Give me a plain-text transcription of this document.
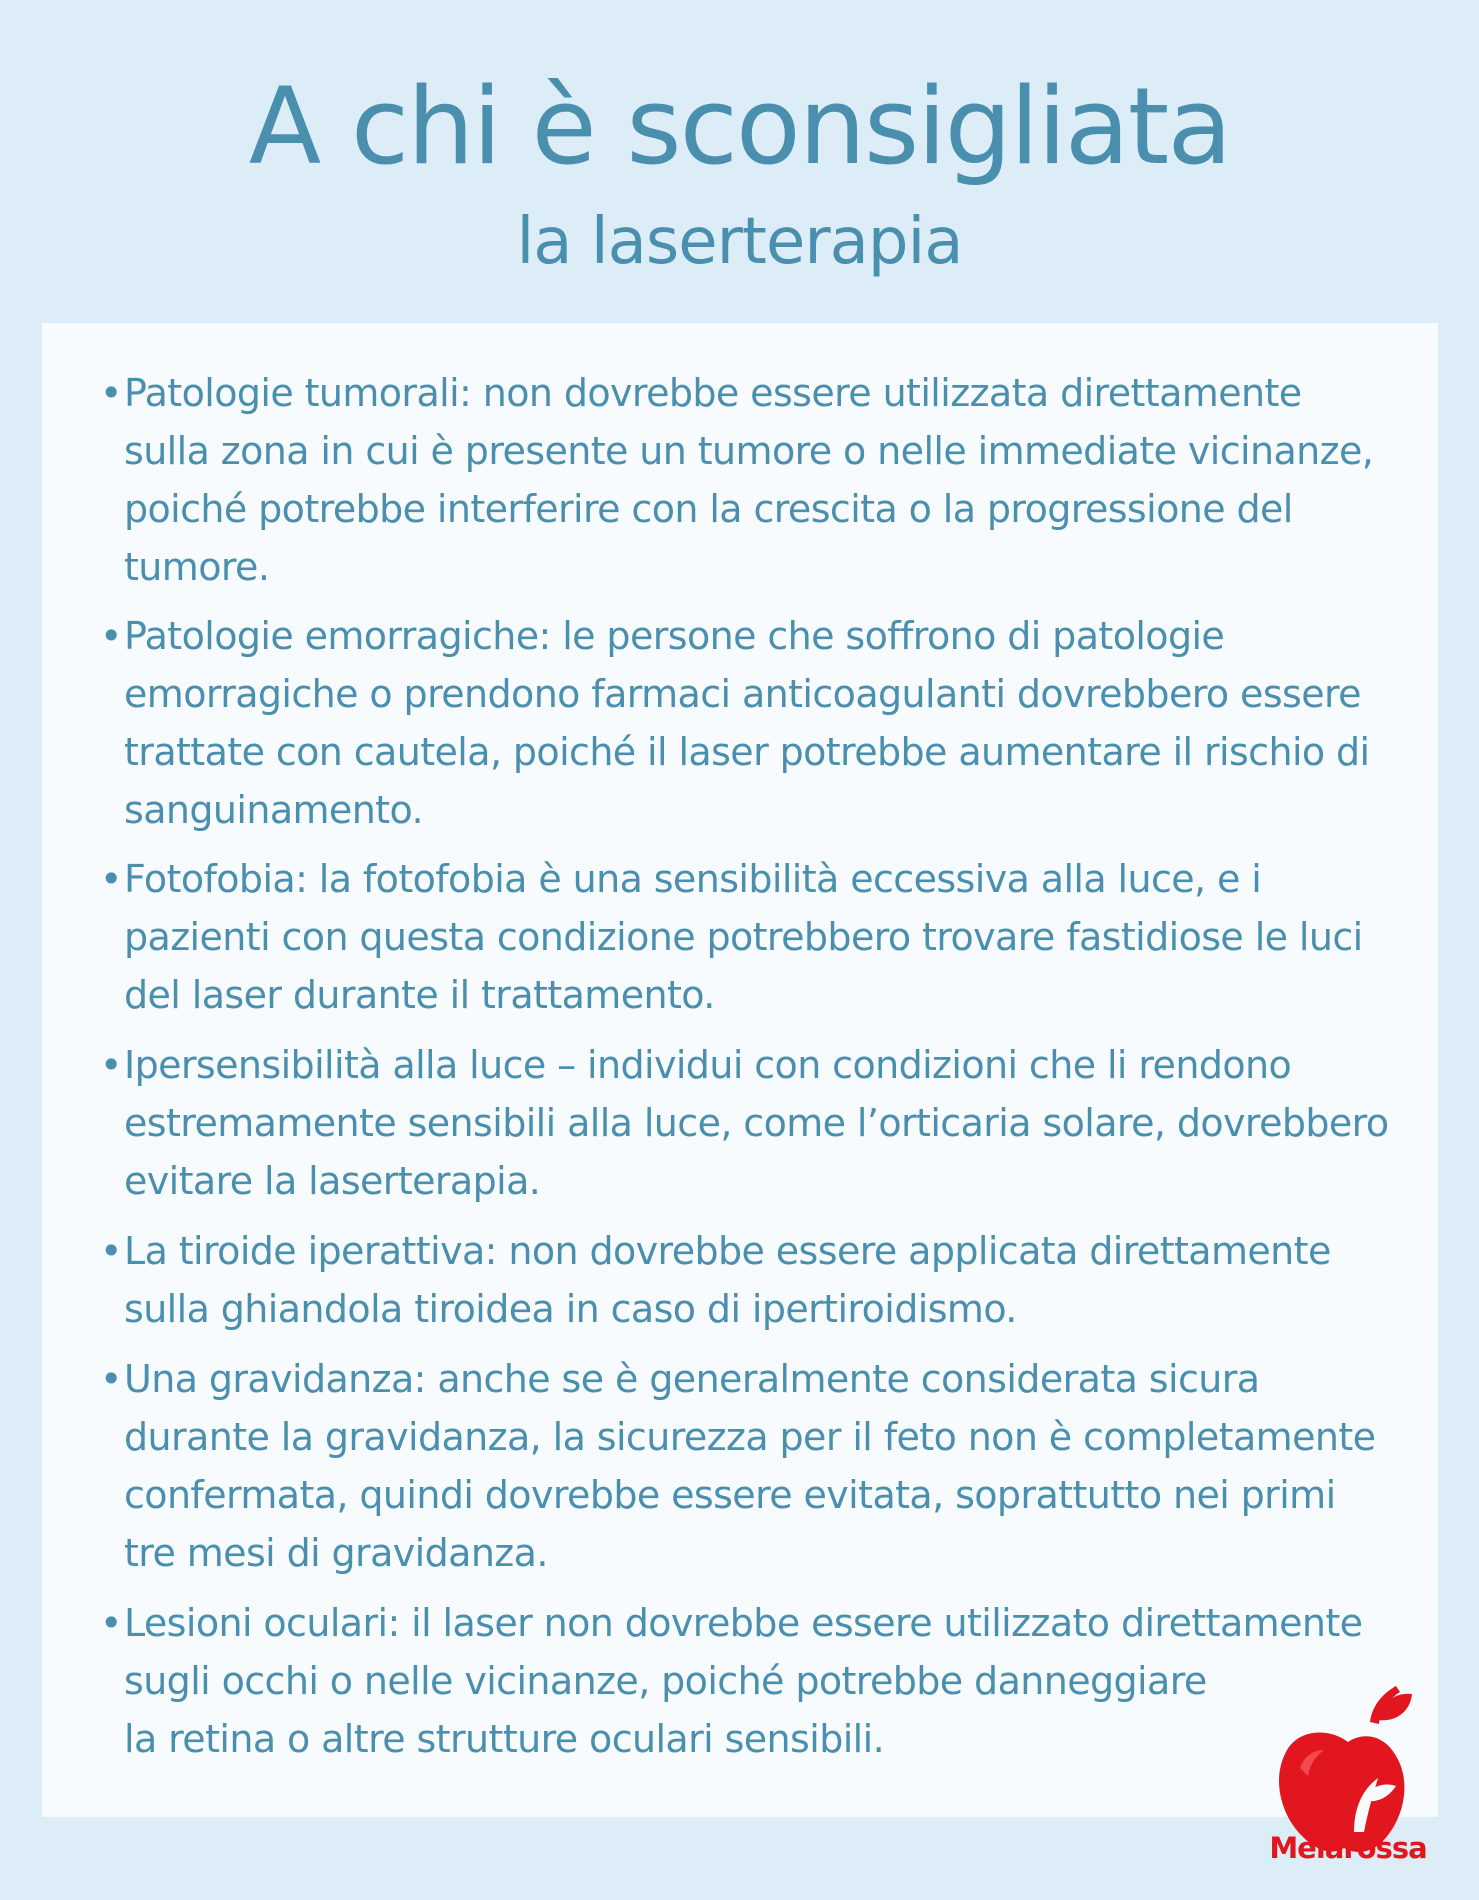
A chi è sconsigliata
la laserterapia
• Patologie tumorali: non dovrebbe essere utilizzata direttamente
sulla zona in cui è presente un tumore o nelle immediate vicinanze,
poiché potrebbe interferire con la crescita o la progressione del
tumore.
• Patologie emorragiche: le persone che soffrono di patologie
emorragiche o prendono farmaci anticoagulanti dovrebbero essere
trattate con cautela, poiché il laser potrebbe aumentare il rischio di
sanguinamento.
• Fotofobia: la fotofobia è una sensibilità eccessiva alla luce, e i
pazienti con questa condizione potrebbero trovare fastidiose le luci
del laser durante il trattamento.
• Ipersensibilità alla luce – individui con condizioni che li rendono
estremamente sensibili alla luce, come l’orticaria solare, dovrebbero
evitare la laserterapia.
• La tiroide iperattiva: non dovrebbe essere applicata direttamente
sulla ghiandola tiroidea in caso di ipertiroidismo.
• Una gravidanza: anche se è generalmente considerata sicura
durante la gravidanza, la sicurezza per il feto non è completamente
confermata, quindi dovrebbe essere evitata, soprattutto nei primi
tre mesi di gravidanza.
• Lesioni oculari: il laser non dovrebbe essere utilizzato direttamente
sugli occhi o nelle vicinanze, poiché potrebbe danneggiare
la retina o altre strutture oculari sensibili.
Melarossa
